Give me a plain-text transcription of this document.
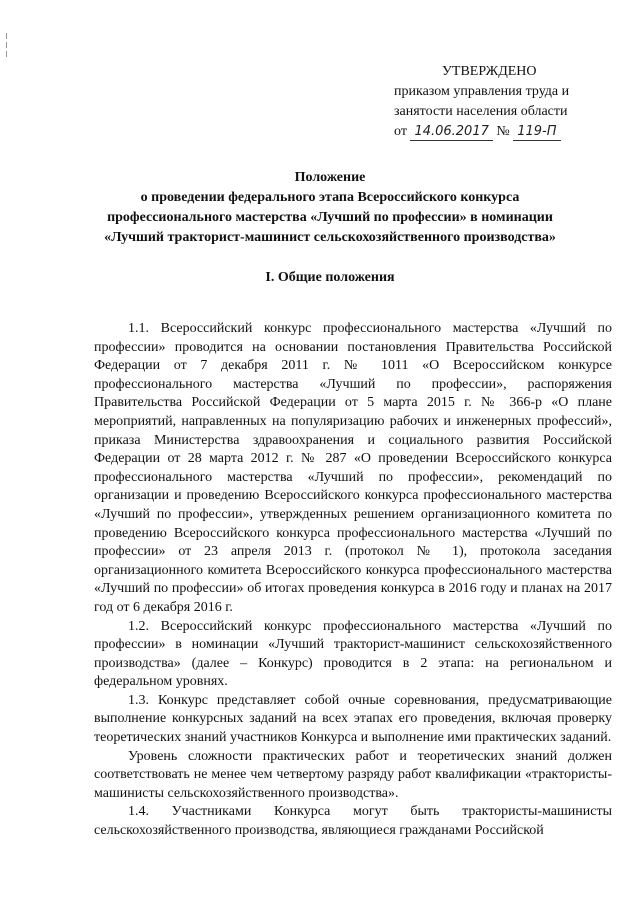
УТВЕРЖДЕНО
приказом управления труда и
занятости населения области
от 14.06.2017 № 119-П
Положение
о проведении федерального этапа Всероссийского конкурса
профессионального мастерства «Лучший по профессии» в номинации
«Лучший тракторист-машинист сельскохозяйственного производства»
I. Общие положения

1.1. Всероссийский конкурс профессионального мастерства «Лучший по профессии» проводится на основании постановления Правительства Российской Федерации от 7 декабря 2011 г. № 1011 «О Всероссийском конкурсе профессионального мастерства «Лучший по профессии», распоряжения Правительства Российской Федерации от 5 марта 2015 г. № 366-р «О плане мероприятий, направленных на популяризацию рабочих и инженерных профессий», приказа Министерства здравоохранения и социального развития Российской Федерации от 28 марта 2012 г. № 287 «О проведении Всероссийского конкурса профессионального мастерства «Лучший по профессии», рекомендаций по организации и проведению Всероссийского конкурса профессионального мастерства «Лучший по профессии», утвержденных решением организационного комитета по проведению Всероссийского конкурса профессионального мастерства «Лучший по профессии» от 23 апреля 2013 г. (протокол № 1), протокола заседания организационного комитета Всероссийского конкурса профессионального мастерства «Лучший по профессии» об итогах проведения конкурса в 2016 году и планах на 2017 год от 6 декабря 2016 г.

1.2. Всероссийский конкурс профессионального мастерства «Лучший по профессии» в номинации «Лучший тракторист-машинист сельскохозяйственного производства» (далее – Конкурс) проводится в 2 этапа: на региональном и федеральном уровнях.

1.3. Конкурс представляет собой очные соревнования, предусматривающие выполнение конкурсных заданий на всех этапах его проведения, включая проверку теоретических знаний участников Конкурса и выполнение ими практических заданий.

Уровень сложности практических работ и теоретических знаний должен соответствовать не менее чем четвертому разряду работ квалификации «трактористы-машинисты сельскохозяйственного производства».

1.4. Участниками Конкурса могут быть трактористы-машинисты сельскохозяйственного производства, являющиеся гражданами Российской
